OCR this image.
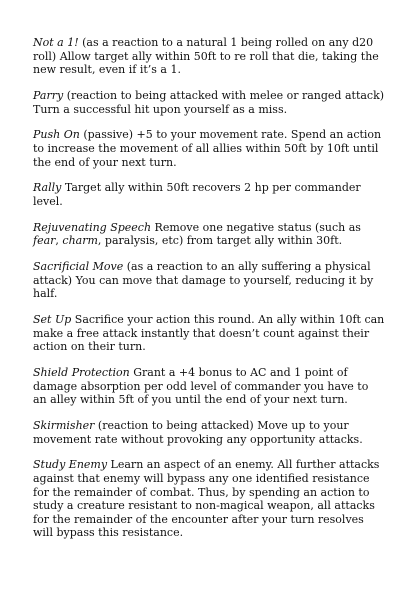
Not a 1! (as a reaction to a natural 1 being rolled on any d20 roll) Allow target ally within 50ft to re roll that die, taking the new result, even if it’s a 1.

Parry (reaction to being attacked with melee or ranged attack) Turn a successful hit upon yourself as a miss.

Push On (passive) +5 to your movement rate. Spend an action to increase the movement of all allies within 50ft by 10ft until the end of your next turn.

Rally Target ally within 50ft recovers 2 hp per commander level.

Rejuvenating Speech Remove one negative status (such as fear, charm, paralysis, etc) from target ally within 30ft.

Sacrificial Move (as a reaction to an ally suffering a physical attack) You can move that damage to yourself, reducing it by half.

Set Up Sacrifice your action this round. An ally within 10ft can make a free attack instantly that doesn’t count against their action on their turn.

Shield Protection Grant a +4 bonus to AC and 1 point of damage absorption per odd level of commander you have to an alley within 5ft of you until the end of your next turn.

Skirmisher (reaction to being attacked) Move up to your movement rate without provoking any opportunity attacks.

Study Enemy Learn an aspect of an enemy. All further attacks against that enemy will bypass any one identified resistance for the remainder of combat. Thus, by spending an action to study a creature resistant to non-magical weapon, all attacks for the remainder of the encounter after your turn resolves will bypass this resistance.
